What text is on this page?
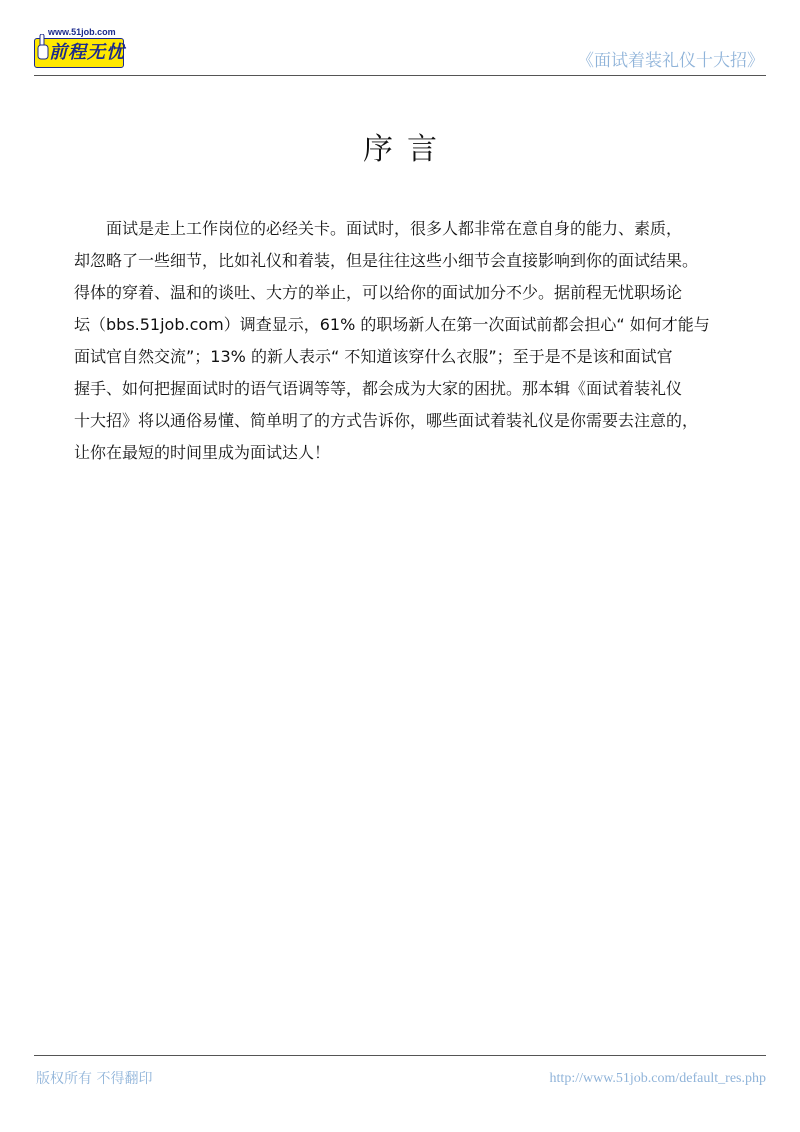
www.51job.com
前程无忧	《面试着装礼仪十大招》
序言

面试是走上工作岗位的必经关卡。面试时，很多人都非常在意自身的能力、素质，
却忽略了一些细节，比如礼仪和着装，但是往往这些小细节会直接影响到你的面试结果。
得体的穿着、温和的谈吐、大方的举止，可以给你的面试加分不少。据前程无忧职场论
坛（bbs.51job.com）调查显示，61% 的职场新人在第一次面试前都会担心“ 如何才能与
面试官自然交流”；13% 的新人表示“ 不知道该穿什么衣服”；至于是不是该和面试官
握手、如何把握面试时的语气语调等等，都会成为大家的困扰。那本辑《面试着装礼仪
十大招》将以通俗易懂、简单明了的方式告诉你，哪些面试着装礼仪是你需要去注意的，
让你在最短的时间里成为面试达人！

版权所有 不得翻印	http://www.51job.com/default_res.php
